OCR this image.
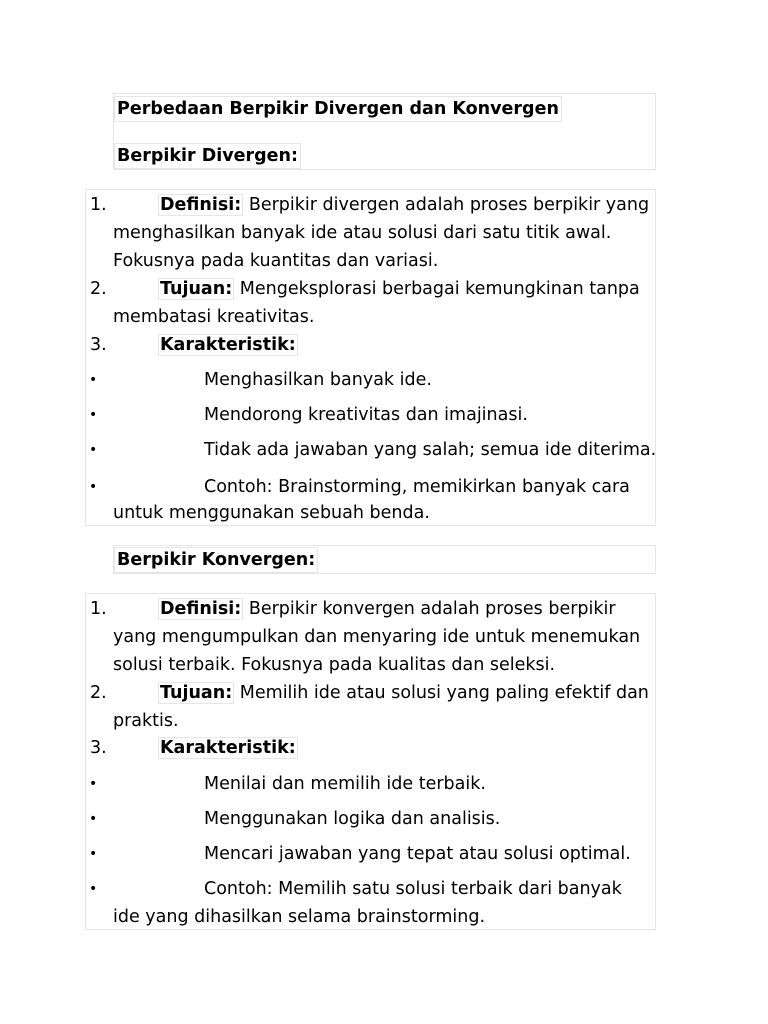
Perbedaan Berpikir Divergen dan Konvergen
Berpikir Divergen:
1.	Definisi: Berpikir divergen adalah proses berpikir yang
menghasilkan banyak ide atau solusi dari satu titik awal.
Fokusnya pada kuantitas dan variasi.
2.	Tujuan: Mengeksplorasi berbagai kemungkinan tanpa
membatasi kreativitas.
3.	Karakteristik:
•	Menghasilkan banyak ide.
•	Mendorong kreativitas dan imajinasi.
•	Tidak ada jawaban yang salah; semua ide diterima.
•	Contoh: Brainstorming, memikirkan banyak cara
untuk menggunakan sebuah benda.
Berpikir Konvergen:
1.	Definisi: Berpikir konvergen adalah proses berpikir
yang mengumpulkan dan menyaring ide untuk menemukan
solusi terbaik. Fokusnya pada kualitas dan seleksi.
2.	Tujuan: Memilih ide atau solusi yang paling efektif dan
praktis.
3.	Karakteristik:
•	Menilai dan memilih ide terbaik.
•	Menggunakan logika dan analisis.
•	Mencari jawaban yang tepat atau solusi optimal.
•	Contoh: Memilih satu solusi terbaik dari banyak
ide yang dihasilkan selama brainstorming.
